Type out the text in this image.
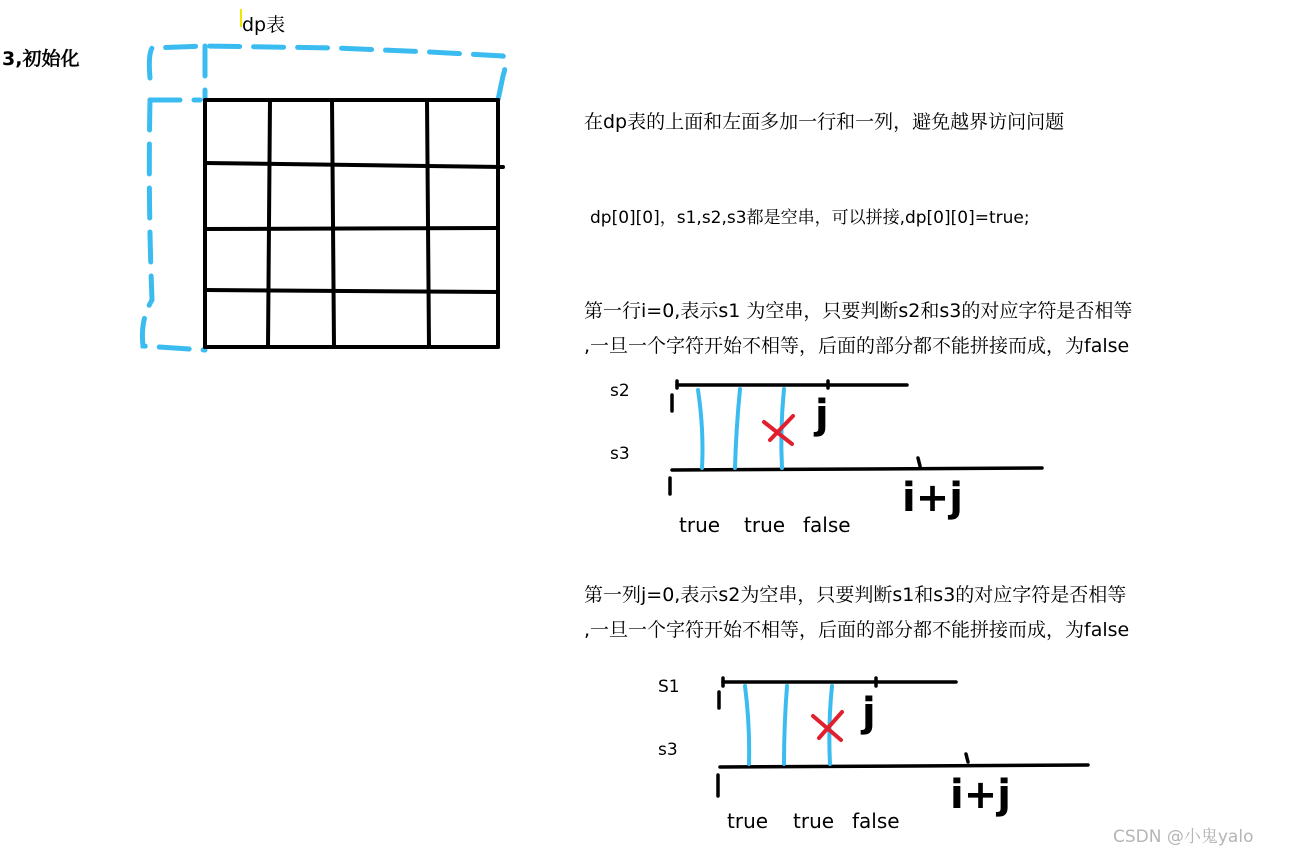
3,初始化
dp表
在dp表的上面和左面多加一行和一列，避免越界访问问题
dp[0][0]，s1,s2,s3都是空串，可以拼接,dp[0][0]=true;
第一行i=0,表示s1 为空串，只要判断s2和s3的对应字符是否相等
,一旦一个字符开始不相等，后面的部分都不能拼接而成，为false
第一列j=0,表示s2为空串，只要判断s1和s3的对应字符是否相等
,一旦一个字符开始不相等，后面的部分都不能拼接而成，为false
s2
s3
j
i+j
true true false
S1
s3
j
i+j
true true false
CSDN @小鬼yalo
